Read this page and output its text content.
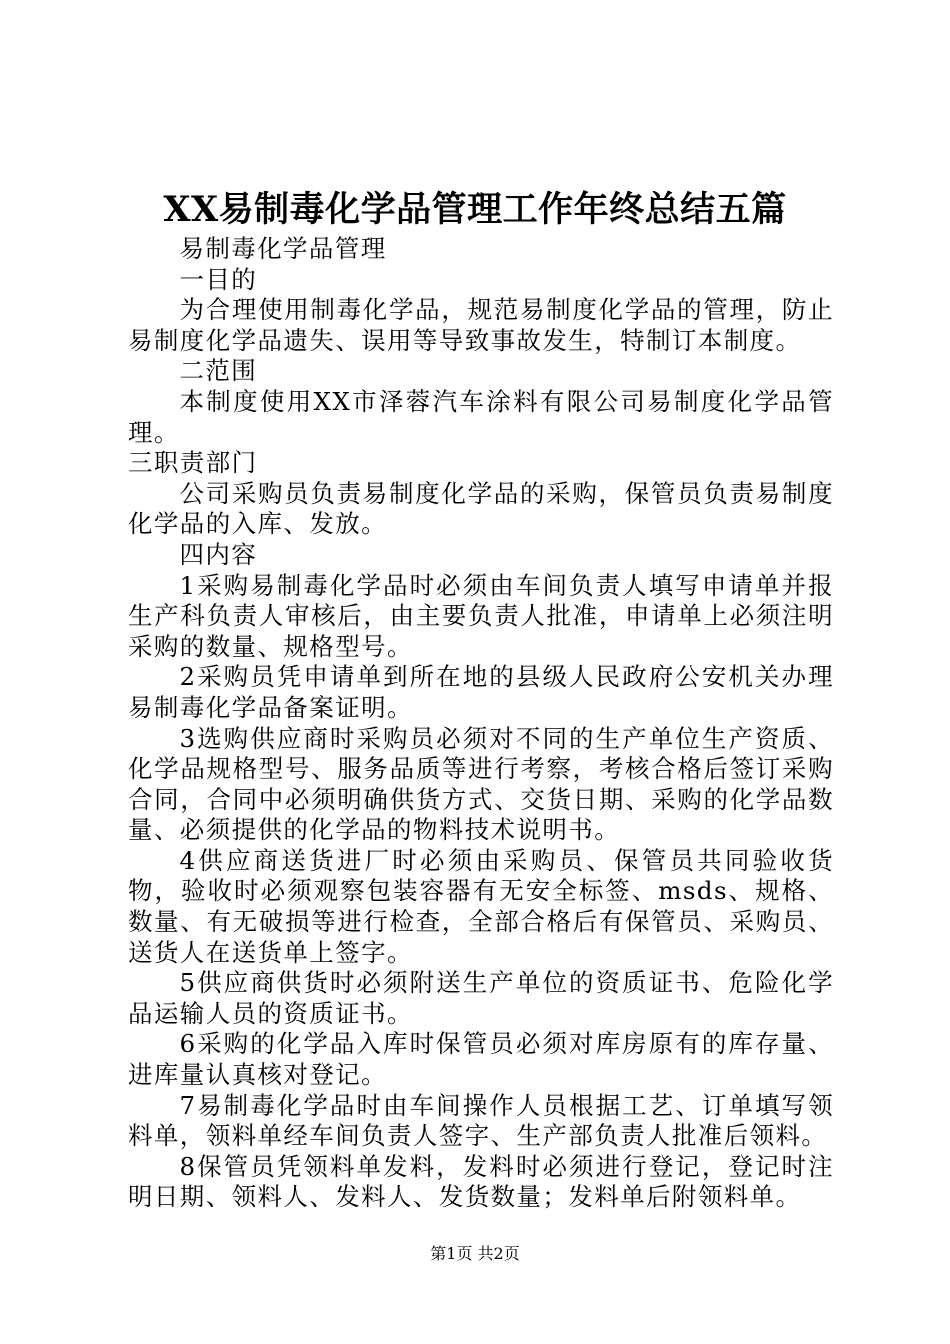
XX易制毒化学品管理工作年终总结五篇

易制毒化学品管理

一目的

为合理使用制毒化学品，规范易制度化学品的管理，防止易制度化学品遗失、误用等导致事故发生，特制订本制度。

二范围

本制度使用XX市泽蓉汽车涂料有限公司易制度化学品管理。

三职责部门

公司采购员负责易制度化学品的采购，保管员负责易制度化学品的入库、发放。

四内容

1采购易制毒化学品时必须由车间负责人填写申请单并报生产科负责人审核后，由主要负责人批准，申请单上必须注明采购的数量、规格型号。

2采购员凭申请单到所在地的县级人民政府公安机关办理易制毒化学品备案证明。

3选购供应商时采购员必须对不同的生产单位生产资质、化学品规格型号、服务品质等进行考察，考核合格后签订采购合同，合同中必须明确供货方式、交货日期、采购的化学品数量、必须提供的化学品的物料技术说明书。

4供应商送货进厂时必须由采购员、保管员共同验收货物，验收时必须观察包装容器有无安全标签、msds、规格、数量、有无破损等进行检查，全部合格后有保管员、采购员、送货人在送货单上签字。

5供应商供货时必须附送生产单位的资质证书、危险化学品运输人员的资质证书。

6采购的化学品入库时保管员必须对库房原有的库存量、进库量认真核对登记。

7易制毒化学品时由车间操作人员根据工艺、订单填写领料单，领料单经车间负责人签字、生产部负责人批准后领料。

8保管员凭领料单发料，发料时必须进行登记，登记时注明日期、领料人、发料人、发货数量；发料单后附领料单。

第1页 共2页
